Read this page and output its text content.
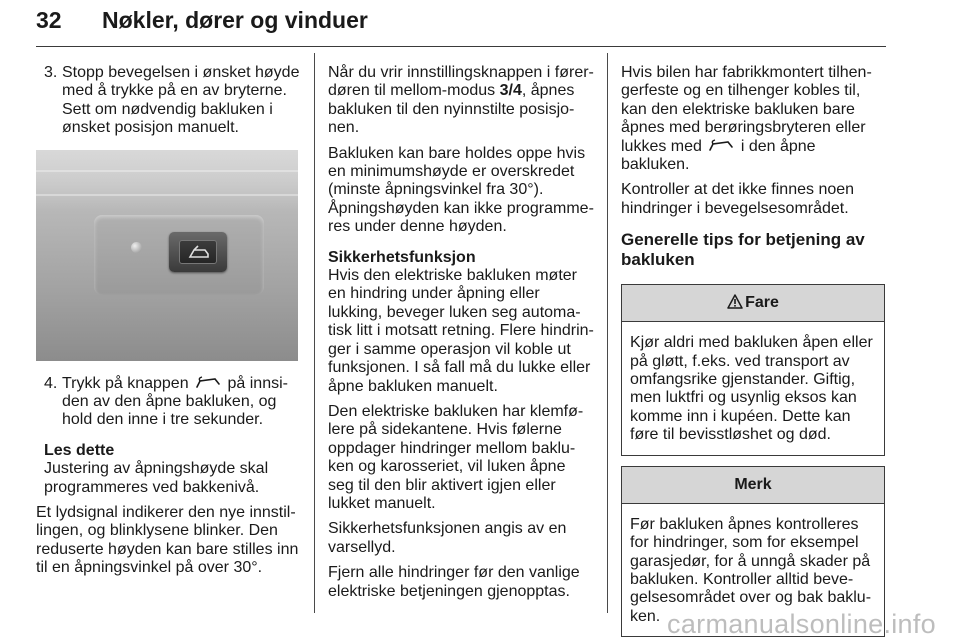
32 Nøkler, dører og vinduer
3. Stopp bevegelsen i ønsket høyde med å trykke på en av bryterne. Sett om nødvendig bakluken i ønsket posisjon manuelt.
4. Trykk på knappen på innsi-den av den åpne bakluken, og hold den inne i tre sekunder.
Les dette

Justering av åpningshøyde skal programmeres ved bakkenivå.

Et lydsignal indikerer den nye innstil-lingen, og blinklysene blinker. Den reduserte høyden kan bare stilles inn til en åpningsvinkel på over 30°.

Når du vrir innstillingsknappen i fører-døren til mellom-modus 3/4, åpnes bakluken til den nyinnstilte posisjo-nen.

Bakluken kan bare holdes oppe hvis en minimumshøyde er overskredet (minste åpningsvinkel fra 30°). Åpningshøyden kan ikke programme-res under denne høyden.

Sikkerhetsfunksjon

Hvis den elektriske bakluken møter en hindring under åpning eller lukking, beveger luken seg automa-tisk litt i motsatt retning. Flere hindrin-ger i samme operasjon vil koble ut funksjonen. I så fall må du lukke eller åpne bakluken manuelt.

Den elektriske bakluken har klemfø-lere på sidekantene. Hvis følerne oppdager hindringer mellom baklu-ken og karosseriet, vil luken åpne seg til den blir aktivert igjen eller lukket manuelt.

Sikkerhetsfunksjonen angis av en varsellyd.

Fjern alle hindringer før den vanlige elektriske betjeningen gjenopptas.

Hvis bilen har fabrikkmontert tilhen-gerfeste og en tilhenger kobles til, kan den elektriske bakluken bare åpnes med berøringsbryteren eller lukkes med i den åpne bakluken.

Kontroller at det ikke finnes noen hindringer i bevegelsesområdet.

Generelle tips for betjening av bakluken
Fare
Kjør aldri med bakluken åpen eller på gløtt, f.eks. ved transport av omfangsrike gjenstander. Giftig, men luktfri og usynlig eksos kan komme inn i kupéen. Dette kan føre til bevisstløshet og død.
Merk
Før bakluken åpnes kontrolleres for hindringer, som for eksempel garasjedør, for å unngå skader på bakluken. Kontroller alltid beve-gelsesområdet over og bak baklu-ken. carmanualsonline.info
